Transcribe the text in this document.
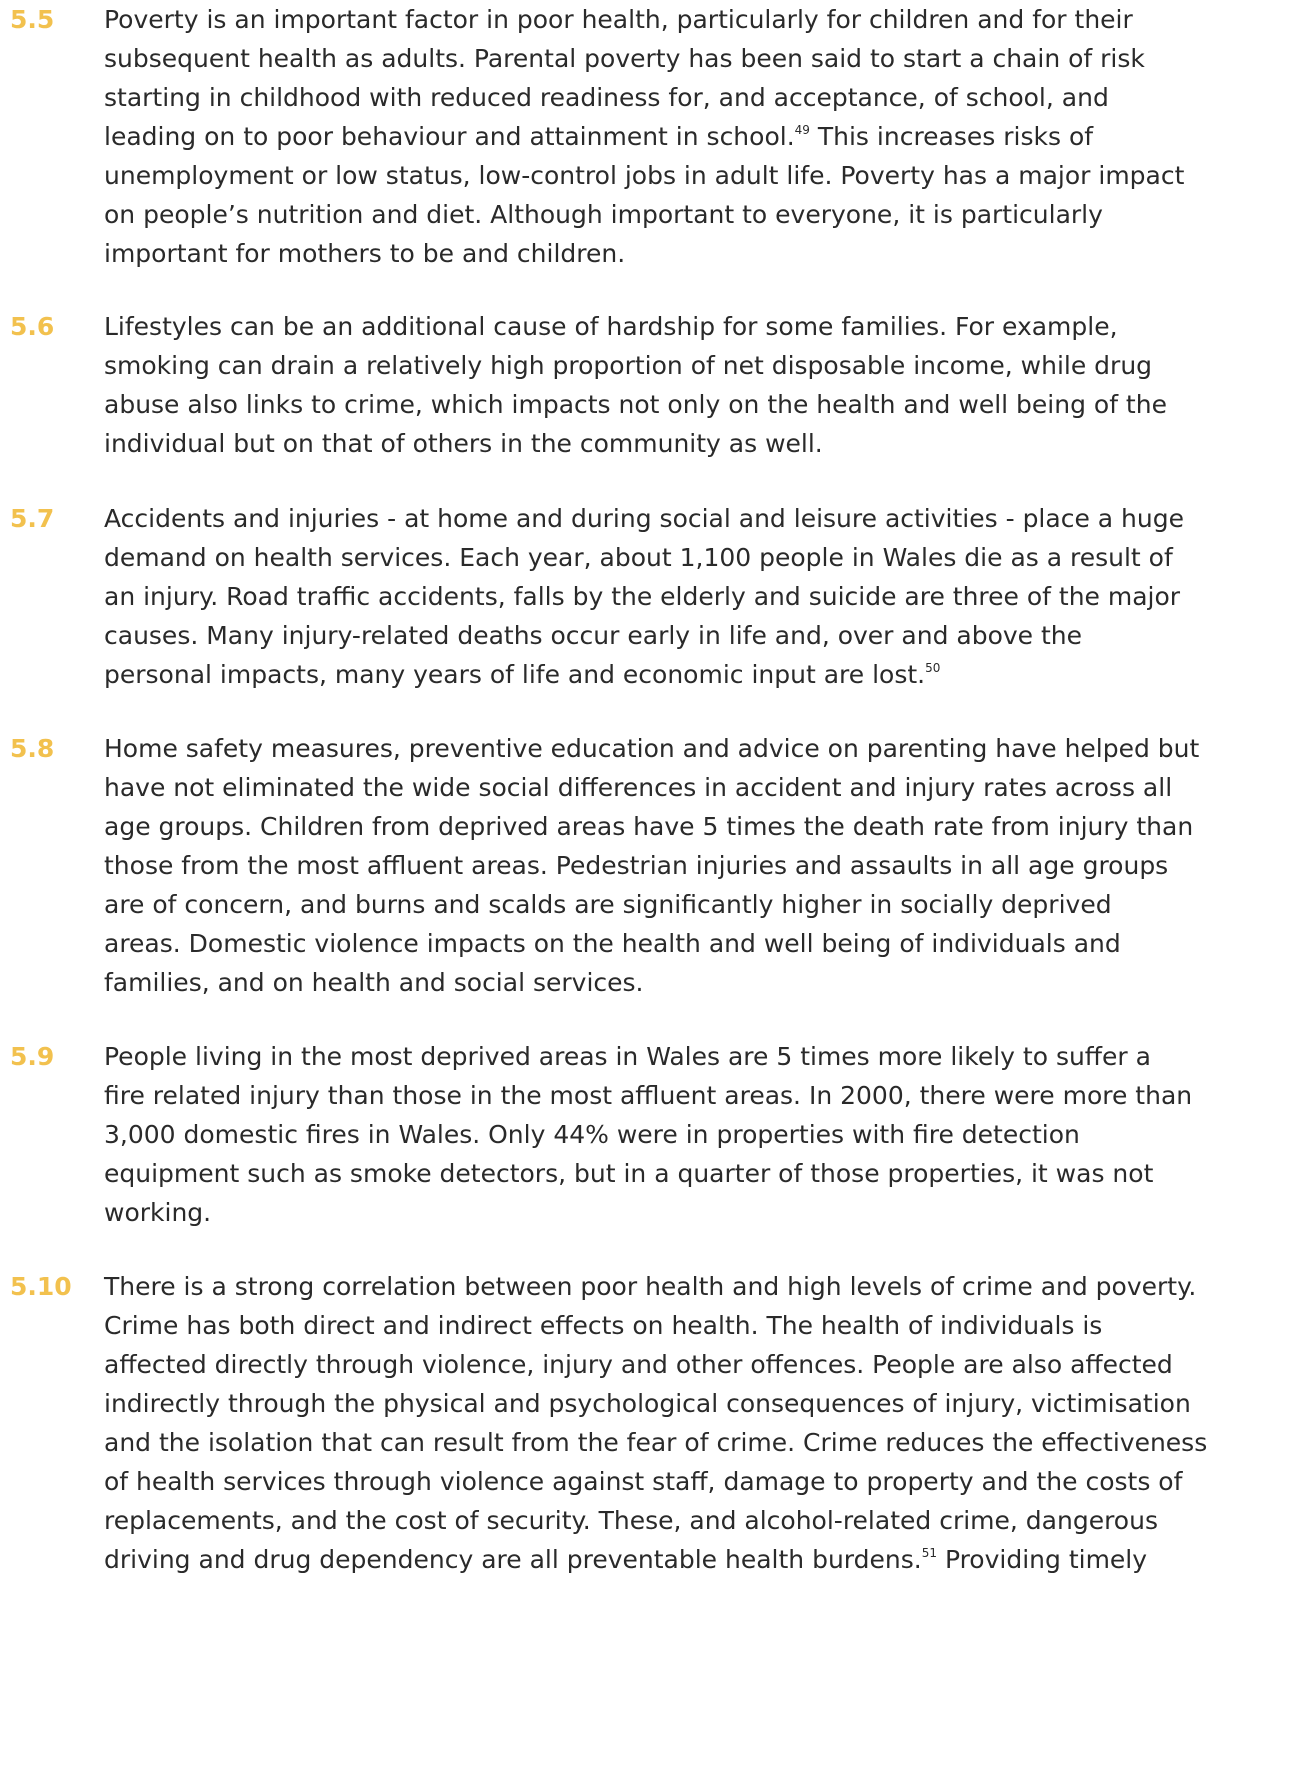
5.5 Poverty is an important factor in poor health, particularly for children and for their
subsequent health as adults. Parental poverty has been said to start a chain of risk
starting in childhood with reduced readiness for, and acceptance, of school, and
leading on to poor behaviour and attainment in school.$^{49}$ This increases risks of
unemployment or low status, low-control jobs in adult life. Poverty has a major impact
on people’s nutrition and diet. Although important to everyone, it is particularly
important for mothers to be and children.

5.6 Lifestyles can be an additional cause of hardship for some families. For example,
smoking can drain a relatively high proportion of net disposable income, while drug
abuse also links to crime, which impacts not only on the health and well being of the
individual but on that of others in the community as well.

5.7 Accidents and injuries - at home and during social and leisure activities - place a huge
demand on health services. Each year, about 1,100 people in Wales die as a result of
an injury. Road traffic accidents, falls by the elderly and suicide are three of the major
causes. Many injury-related deaths occur early in life and, over and above the
personal impacts, many years of life and economic input are lost.$^{50}$

5.8 Home safety measures, preventive education and advice on parenting have helped but
have not eliminated the wide social differences in accident and injury rates across all
age groups. Children from deprived areas have 5 times the death rate from injury than
those from the most affluent areas. Pedestrian injuries and assaults in all age groups
are of concern, and burns and scalds are significantly higher in socially deprived
areas. Domestic violence impacts on the health and well being of individuals and
families, and on health and social services.

5.9 People living in the most deprived areas in Wales are 5 times more likely to suffer a
fire related injury than those in the most affluent areas. In 2000, there were more than
3,000 domestic fires in Wales. Only 44% were in properties with fire detection
equipment such as smoke detectors, but in a quarter of those properties, it was not
working.

5.10 There is a strong correlation between poor health and high levels of crime and poverty.
Crime has both direct and indirect effects on health. The health of individuals is
affected directly through violence, injury and other offences. People are also affected
indirectly through the physical and psychological consequences of injury, victimisation
and the isolation that can result from the fear of crime. Crime reduces the effectiveness
of health services through violence against staff, damage to property and the costs of
replacements, and the cost of security. These, and alcohol-related crime, dangerous
driving and drug dependency are all preventable health burdens.$^{51}$ Providing timely
